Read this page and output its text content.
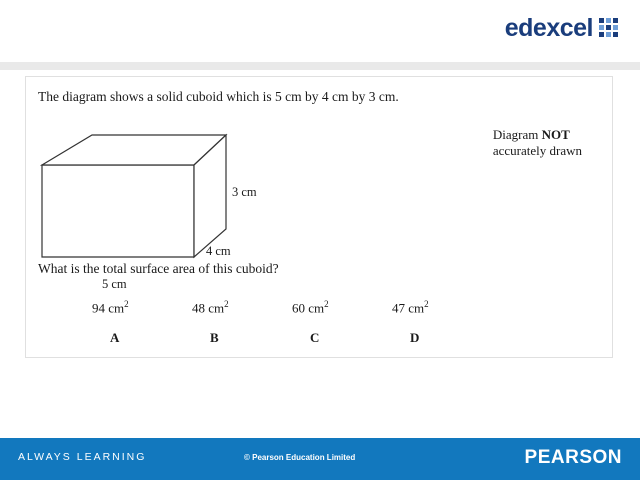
edexcel
The diagram shows a solid cuboid which is 5 cm by 4 cm by 3 cm.
Diagram NOT
accurately drawn
3 cm
4 cm
5 cm
What is the total surface area of this cuboid?
94 $cm^2$
A
48 $cm^2$
B
60 $cm^2$
C
47 $cm^2$
D
ALWAYS LEARNING	© Pearson Education Limited	PEARSON
